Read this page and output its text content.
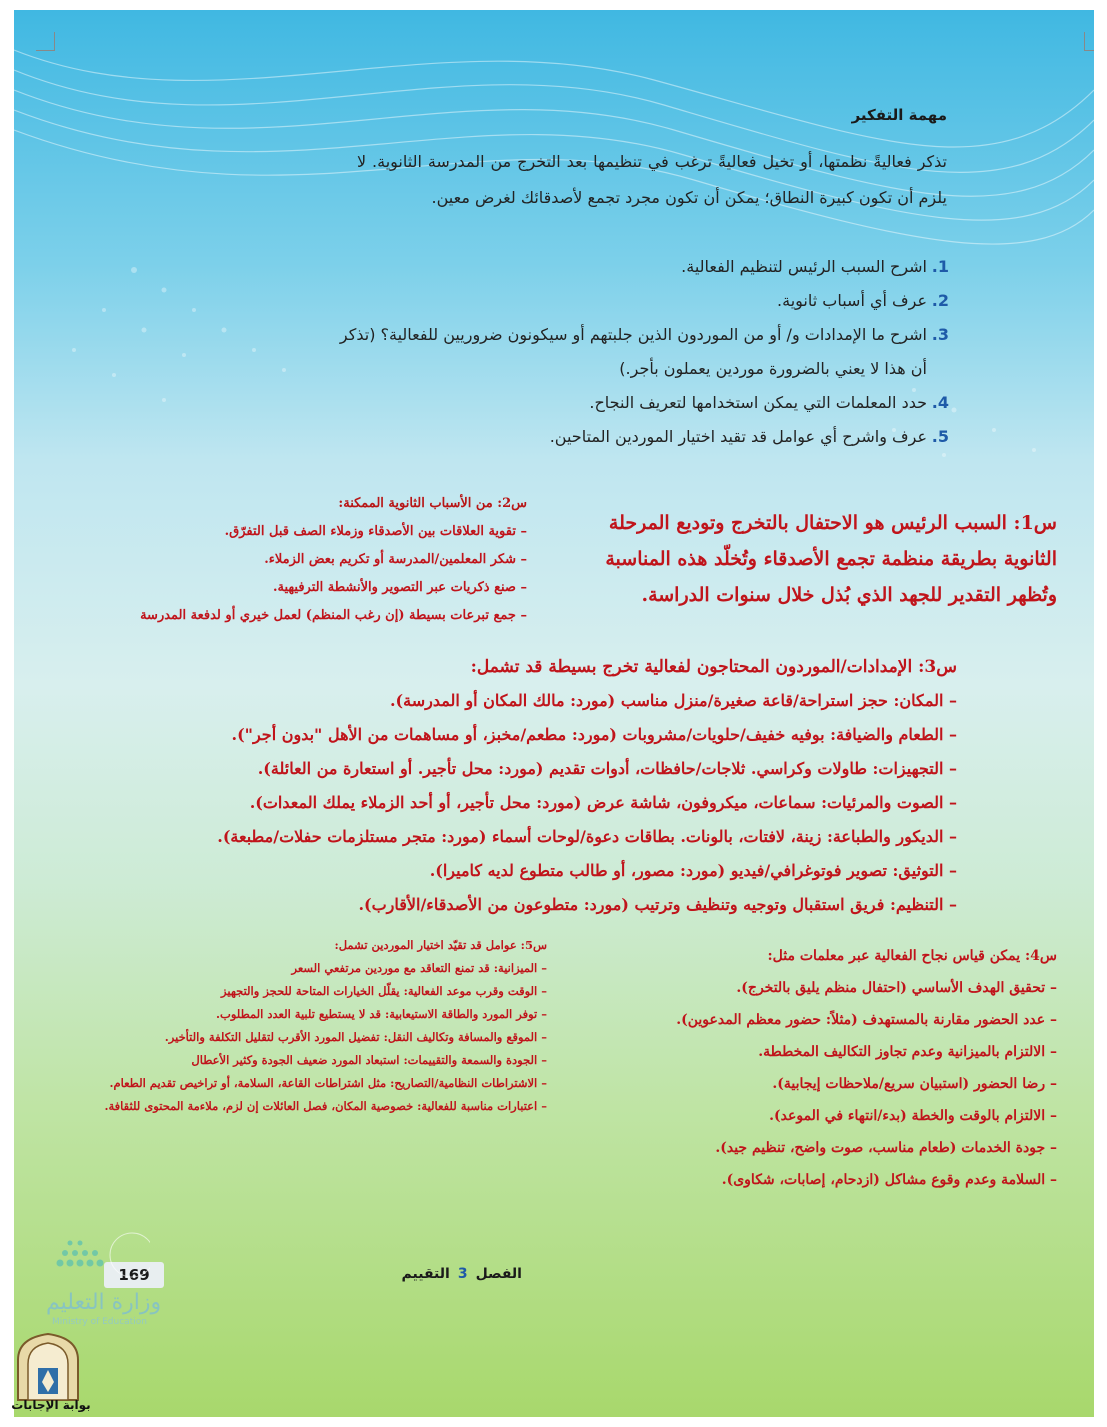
مهمة التفكير
تذكر فعاليةً نظمتها، أو تخيل فعاليةً ترغب في تنظيمها بعد التخرج من المدرسة الثانوية. لا يلزم أن تكون كبيرة النطاق؛ يمكن أن تكون مجرد تجمع لأصدقائك لغرض معين.
1.
اشرح السبب الرئيس لتنظيم الفعالية.
2.
عرف أي أسباب ثانوية.
3.
اشرح ما الإمدادات و/ أو من الموردون الذين جلبتهم أو سيكونون ضروريين للفعالية؟ (تذكر أن هذا لا يعني بالضرورة موردين يعملون بأجر.)
4.
حدد المعلمات التي يمكن استخدامها لتعريف النجاح.
5.
عرف واشرح أي عوامل قد تقيد اختيار الموردين المتاحين.
س1: السبب الرئيس هو الاحتفال بالتخرج وتوديع المرحلة الثانوية بطريقة منظمة تجمع الأصدقاء وتُخلّد هذه المناسبة وتُظهر التقدير للجهد الذي بُذل خلال سنوات الدراسة.
س2: من الأسباب الثانوية الممكنة:
– تقوية العلاقات بين الأصدقاء وزملاء الصف قبل التفرّق.
– شكر المعلمين/المدرسة أو تكريم بعض الزملاء.
– صنع ذكريات عبر التصوير والأنشطة الترفيهية.
– جمع تبرعات بسيطة (إن رغب المنظم) لعمل خيري أو لدفعة المدرسة
س3: الإمدادات/الموردون المحتاجون لفعالية تخرج بسيطة قد تشمل:
– المكان: حجز استراحة/قاعة صغيرة/منزل مناسب (مورد: مالك المكان أو المدرسة).
– الطعام والضيافة: بوفيه خفيف/حلويات/مشروبات (مورد: مطعم/مخبز، أو مساهمات من الأهل "بدون أجر").
– التجهيزات: طاولات وكراسي. ثلاجات/حافظات، أدوات تقديم (مورد: محل تأجير. أو استعارة من العائلة).
– الصوت والمرئيات: سماعات، ميكروفون، شاشة عرض (مورد: محل تأجير، أو أحد الزملاء يملك المعدات).
– الديكور والطباعة: زينة، لافتات، بالونات. بطاقات دعوة/لوحات أسماء (مورد: متجر مستلزمات حفلات/مطبعة).
– التوثيق: تصوير فوتوغرافي/فيديو (مورد: مصور، أو طالب متطوع لديه كاميرا).
– التنظيم: فريق استقبال وتوجيه وتنظيف وترتيب (مورد: متطوعون من الأصدقاء/الأقارب).
س4: يمكن قياس نجاح الفعالية عبر معلمات مثل:
– تحقيق الهدف الأساسي (احتفال منظم يليق بالتخرج).
– عدد الحضور مقارنة بالمستهدف (مثلاً: حضور معظم المدعوين).
– الالتزام بالميزانية وعدم تجاوز التكاليف المخططة.
– رضا الحضور (استبيان سريع/ملاحظات إيجابية).
– الالتزام بالوقت والخطة (بدء/انتهاء في الموعد).
– جودة الخدمات (طعام مناسب، صوت واضح، تنظيم جيد).
– السلامة وعدم وقوع مشاكل (ازدحام، إصابات، شكاوى).
س5: عوامل قد تقيّد اختيار الموردين تشمل:
– الميزانية: قد تمنع التعاقد مع موردين مرتفعي السعر
– الوقت وقرب موعد الفعالية: يقلّل الخيارات المتاحة للحجز والتجهيز
– توفر المورد والطاقة الاستيعابية: قد لا يستطيع تلبية العدد المطلوب.
– الموقع والمسافة وتكاليف النقل: تفضيل المورد الأقرب لتقليل التكلفة والتأخير.
– الجودة والسمعة والتقييمات: استبعاد المورد ضعيف الجودة وكثير الأعطال
– الاشتراطات النظامية/التصاريح: مثل اشتراطات القاعة، السلامة، أو تراخيص تقديم الطعام.
– اعتبارات مناسبة للفعالية: خصوصية المكان، فصل العائلات إن لزم، ملاءمة المحتوى للثقافة.
الفصل3التقييم
169
وزارة التعليم
Ministry of Education
بوابة الإجابات
